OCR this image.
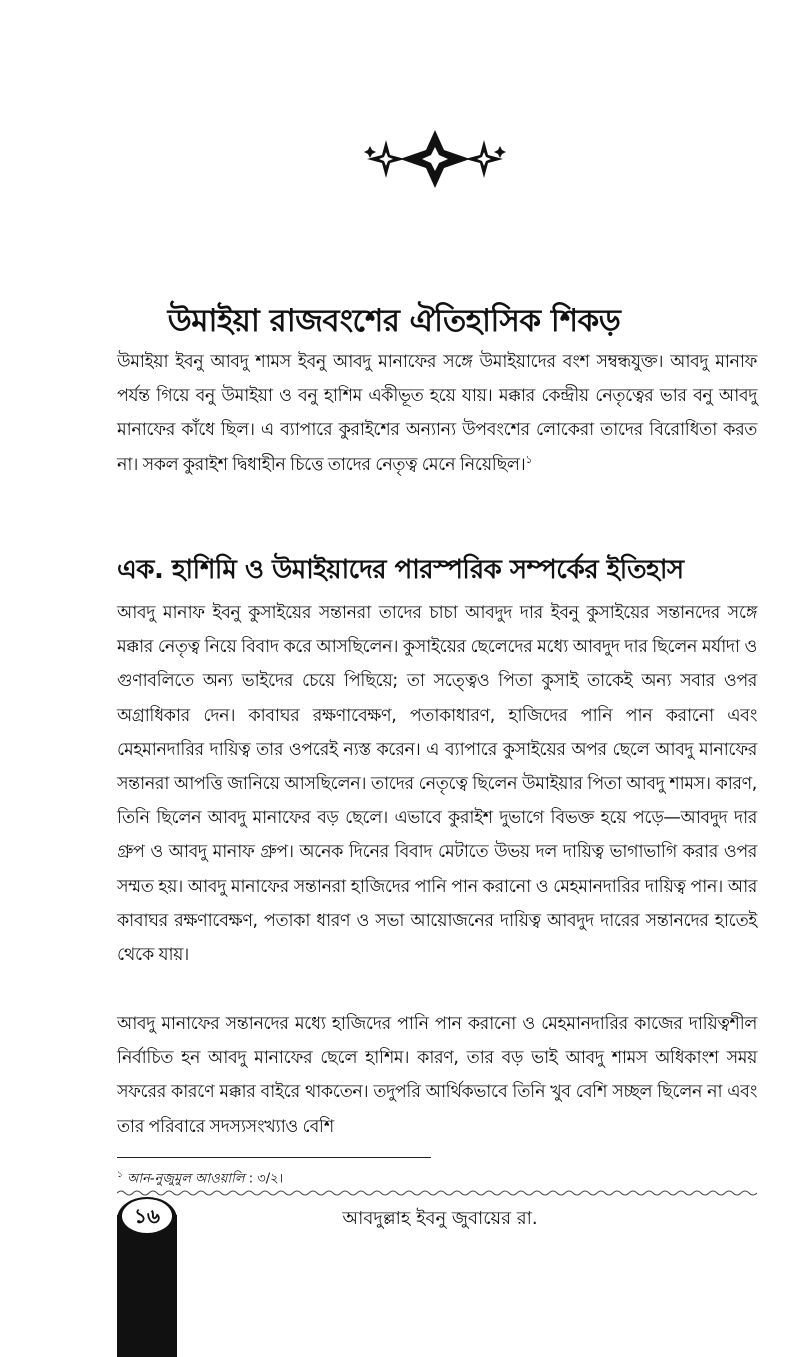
উমাইয়া রাজবংশের ঐতিহাসিক শিকড়

উমাইয়া ইবনু আবদু শামস ইবনু আবদু মানাফের সঙ্গে উমাইয়াদের বংশ সম্বন্ধযুক্ত। আবদু মানাফ পর্যন্ত গিয়ে বনু উমাইয়া ও বনু হাশিম একীভূত হয়ে যায়। মক্কার কেন্দ্রীয় নেতৃত্বের ভার বনু আবদু মানাফের কাঁধে ছিল। এ ব্যাপারে কুরাইশের অন্যান্য উপবংশের লোকেরা তাদের বিরোধিতা করত না। সকল কুরাইশ দ্বিধাহীন চিত্তে তাদের নেতৃত্ব মেনে নিয়েছিল।$^১$

এক. হাশিমি ও উমাইয়াদের পারস্পরিক সম্পর্কের ইতিহাস

আবদু মানাফ ইবনু কুসাইয়ের সন্তানরা তাদের চাচা আবদুদ দার ইবনু কুসাইয়ের সন্তানদের সঙ্গে মক্কার নেতৃত্ব নিয়ে বিবাদ করে আসছিলেন। কুসাইয়ের ছেলেদের মধ্যে আবদুদ দার ছিলেন মর্যাদা ও গুণাবলিতে অন্য ভাইদের চেয়ে পিছিয়ে; তা সত্ত্বেও পিতা কুসাই তাকেই অন্য সবার ওপর অগ্রাধিকার দেন। কাবাঘর রক্ষণাবেক্ষণ, পতাকাধারণ, হাজিদের পানি পান করানো এবং মেহমানদারির দায়িত্ব তার ওপরেই ন্যস্ত করেন। এ ব্যাপারে কুসাইয়ের অপর ছেলে আবদু মানাফের সন্তানরা আপত্তি জানিয়ে আসছিলেন। তাদের নেতৃত্বে ছিলেন উমাইয়ার পিতা আবদু শামস। কারণ, তিনি ছিলেন আবদু মানাফের বড় ছেলে। এভাবে কুরাইশ দুভাগে বিভক্ত হয়ে পড়ে—আবদুদ দার গ্রুপ ও আবদু মানাফ গ্রুপ। অনেক দিনের বিবাদ মেটাতে উভয় দল দায়িত্ব ভাগাভাগি করার ওপর সম্মত হয়। আবদু মানাফের সন্তানরা হাজিদের পানি পান করানো ও মেহমানদারির দায়িত্ব পান। আর কাবাঘর রক্ষণাবেক্ষণ, পতাকা ধারণ ও সভা আয়োজনের দায়িত্ব আবদুদ দারের সন্তানদের হাতেই থেকে যায়।

আবদু মানাফের সন্তানদের মধ্যে হাজিদের পানি পান করানো ও মেহমানদারির কাজের দায়িত্বশীল নির্বাচিত হন আবদু মানাফের ছেলে হাশিম। কারণ, তার বড় ভাই আবদু শামস অধিকাংশ সময় সফরের কারণে মক্কার বাইরে থাকতেন। তদুপরি আর্থিকভাবে তিনি খুব বেশি সচ্ছল ছিলেন না এবং তার পরিবারে সদস্যসংখ্যাও বেশি

$^১$ আন-নুজুমুল আওয়ালি : ৩/২।
১৬	আবদুল্লাহ ইবনু জুবায়ের রা.
